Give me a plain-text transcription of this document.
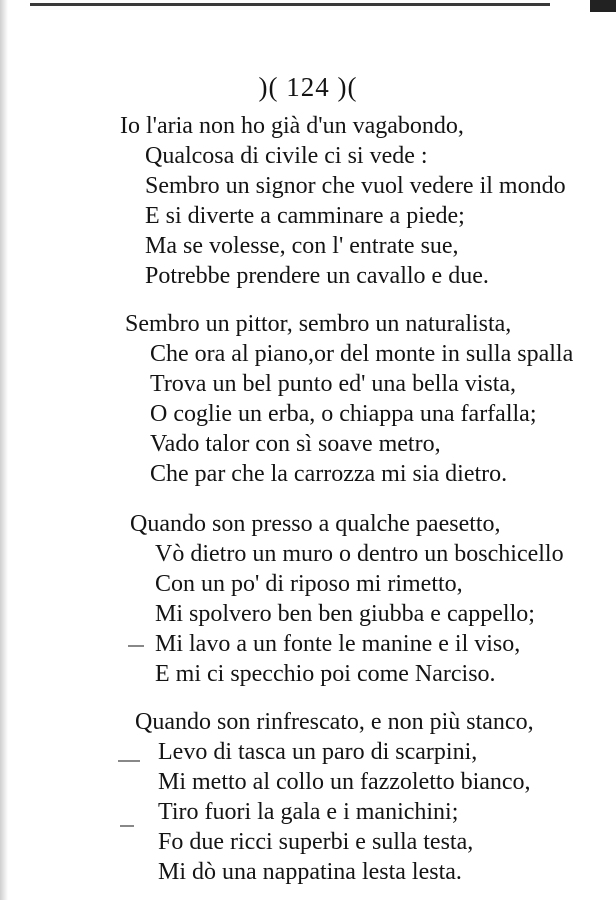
)( 124 )(
Io l'aria non ho già d'un vagabondo,
Qualcosa di civile ci si vede :
Sembro un signor che vuol vedere il mondo
E si diverte a camminare a piede;
Ma se volesse, con l' entrate sue,
Potrebbe prendere un cavallo e due.
Sembro un pittor, sembro un naturalista,
Che ora al piano,or del monte in sulla spalla
Trova un bel punto ed' una bella vista,
O coglie un erba, o chiappa una farfalla;
Vado talor con sì soave metro,
Che par che la carrozza mi sia dietro.
Quando son presso a qualche paesetto,
Vò dietro un muro o dentro un boschicello
Con un po' di riposo mi rimetto,
Mi spolvero ben ben giubba e cappello;
Mi lavo a un fonte le manine e il viso,
E mi ci specchio poi come Narciso.
Quando son rinfrescato, e non più stanco,
Levo di tasca un paro di scarpini,
Mi metto al collo un fazzoletto bianco,
Tiro fuori la gala e i manichini;
Fo due ricci superbi e sulla testa,
Mi dò una nappatina lesta lesta.
